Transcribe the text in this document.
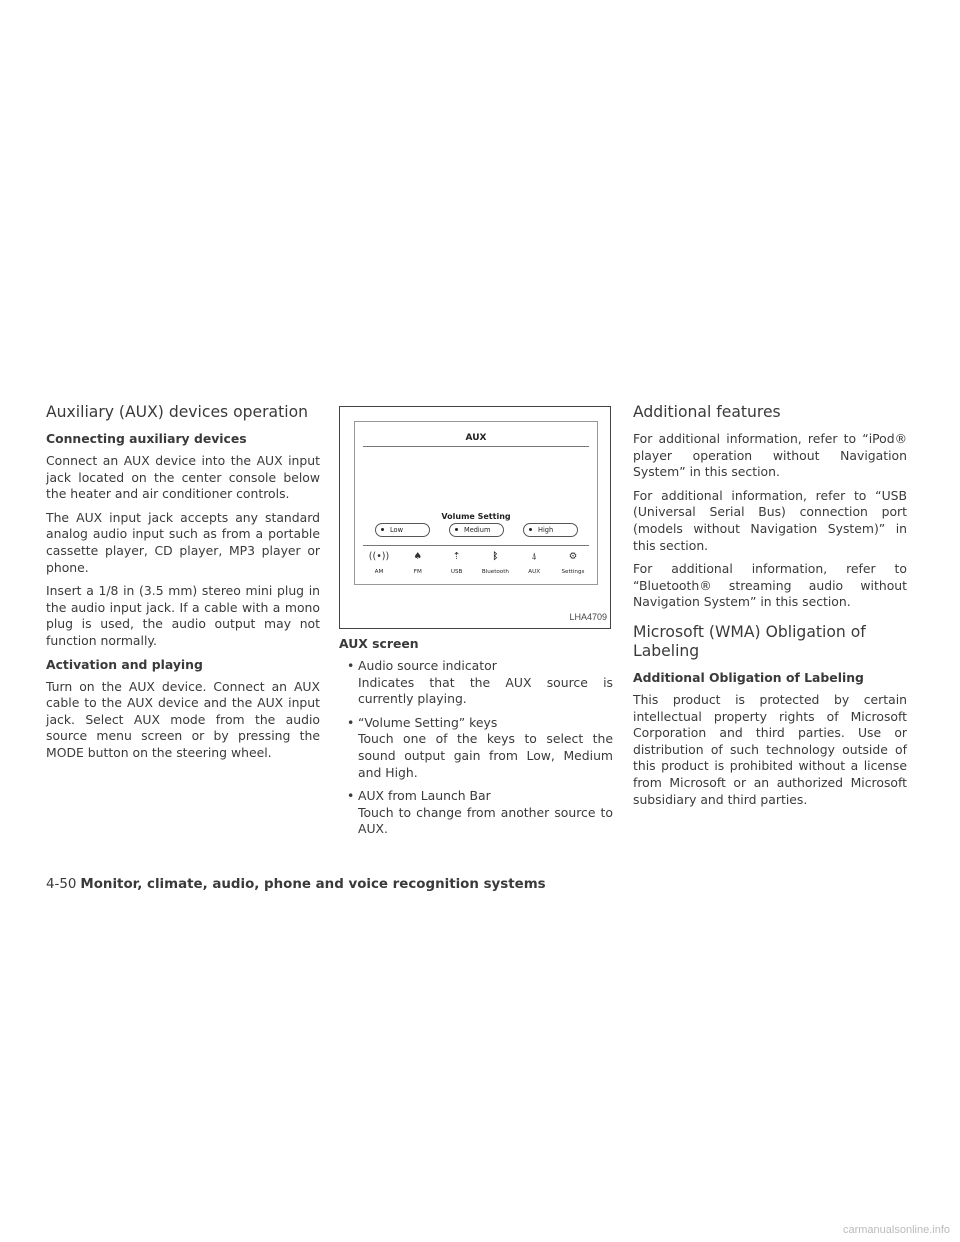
Auxiliary (AUX) devices operation
Connecting auxiliary devices

Connect an AUX device into the AUX input jack located on the center console below the heater and air conditioner controls.

The AUX input jack accepts any standard analog audio input such as from a portable cassette player, CD player, MP3 player or phone.

Insert a 1/8 in (3.5 mm) stereo mini plug in the audio input jack. If a cable with a mono plug is used, the audio output may not function normally.

Activation and playing

Turn on the AUX device. Connect an AUX cable to the AUX device and the AUX input jack. Select AUX mode from the audio source menu screen or by pressing the MODE button on the steering wheel.

AUX
Volume Setting
Low	Medium	High
((•))
AM
♠
FM
⇡
USB
ᛒ
Bluetooth
⍋
AUX
⚙
Settings
LHA4709
AUX screen
• Audio source indicator
Indicates that the AUX source is currently playing.
• “Volume Setting” keys
Touch one of the keys to select the sound output gain from Low, Medium and High.
• AUX from Launch Bar
Touch to change from another source to AUX.
Additional features

For additional information, refer to “iPod® player operation without Navigation System” in this section.

For additional information, refer to “USB (Universal Serial Bus) connection port (models without Navigation System)” in this section.

For additional information, refer to “Bluetooth® streaming audio without Navigation System” in this section.

Microsoft (WMA) Obligation of Labeling
Additional Obligation of Labeling

This product is protected by certain intellectual property rights of Microsoft Corporation and third parties. Use or distribution of such technology outside of this product is prohibited without a license from Microsoft or an authorized Microsoft subsidiary and third parties.

4-50 Monitor, climate, audio, phone and voice recognition systems
carmanualsonline.info
